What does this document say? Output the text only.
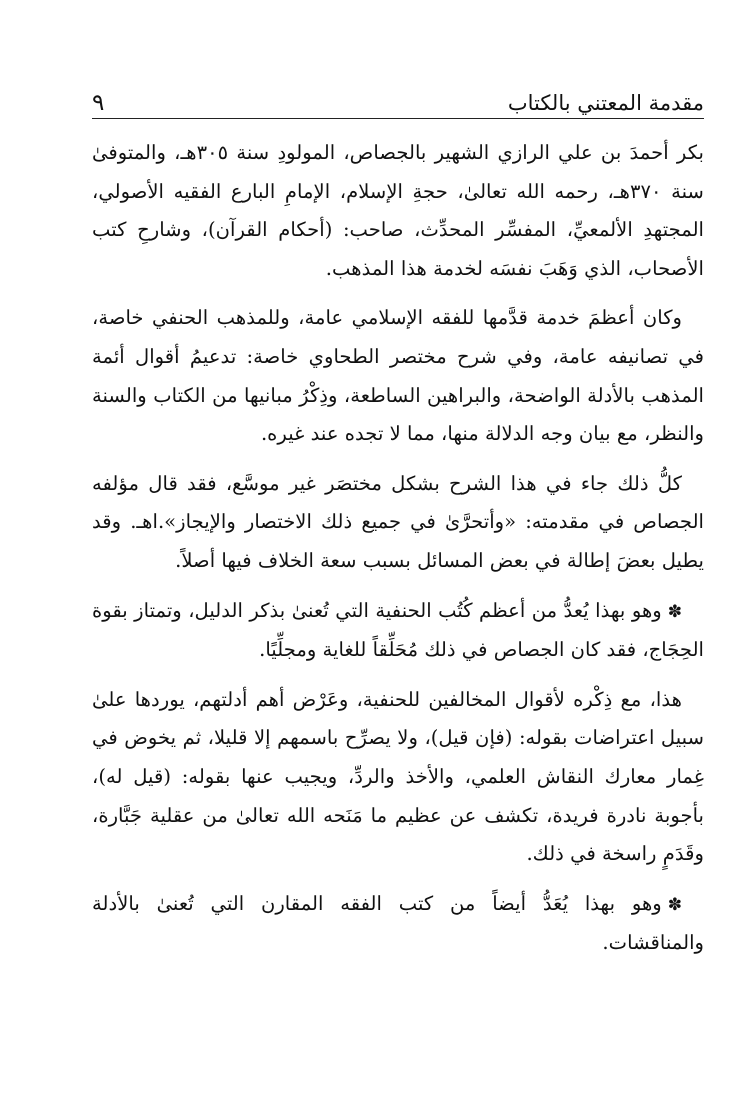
مقدمة المعتني بالكتاب
٩

بكر أحمدَ بن علي الرازي الشهير بالجصاص، المولودِ سنة ٣٠٥هـ، والمتوفىٰ سنة ٣٧٠هـ، رحمه الله تعالىٰ، حجةِ الإسلام، الإمامِ البارع الفقيه الأصولي، المجتهدِ الألمعيِّ، المفسِّر المحدِّث، صاحب: (أحكام القرآن)، وشارحِ كتب الأصحاب، الذي وَهَبَ نفسَه لخدمة هذا المذهب.

وكان أعظمَ خدمة قدَّمها للفقه الإسلامي عامة، وللمذهب الحنفي خاصة، في تصانيفه عامة، وفي شرح مختصر الطحاوي خاصة: تدعيمُ أقوال أئمة المذهب بالأدلة الواضحة، والبراهين الساطعة، وذِكْرُ مبانيها من الكتاب والسنة والنظر، مع بيان وجه الدلالة منها، مما لا تجده عند غيره.

كلُّ ذلك جاء في هذا الشرح بشكل مختصَر غير موسَّع، فقد قال مؤلفه الجصاص في مقدمته: «وأتحرَّىٰ في جميع ذلك الاختصار والإيجاز».اهـ. وقد يطيل بعضَ إطالة في بعض المسائل بسبب سعة الخلاف فيها أصلاً.

✽وهو بهذا يُعدُّ من أعظم كُتُب الحنفية التي تُعنىٰ بذكر الدليل، وتمتاز بقوة الحِجَاج، فقد كان الجصاص في ذلك مُحَلِّقاً للغاية ومجلِّيًا.

هذا، مع ذِكْره لأقوال المخالفين للحنفية، وعَرْض أهم أدلتهم، يوردها علىٰ سبيل اعتراضات بقوله: (فإن قيل)، ولا يصرِّح باسمهم إلا قليلا، ثم يخوض في غِمار معارك النقاش العلمي، والأخذ والردِّ، ويجيب عنها بقوله: (قيل له)، بأجوبة نادرة فريدة، تكشف عن عظيم ما مَنَحه الله تعالىٰ من عقلية جَبَّارة، وقَدَمٍ راسخة في ذلك.

✽وهو بهذا يُعَدُّ أيضاً من كتب الفقه المقارن التي تُعنىٰ بالأدلة والمناقشات.
